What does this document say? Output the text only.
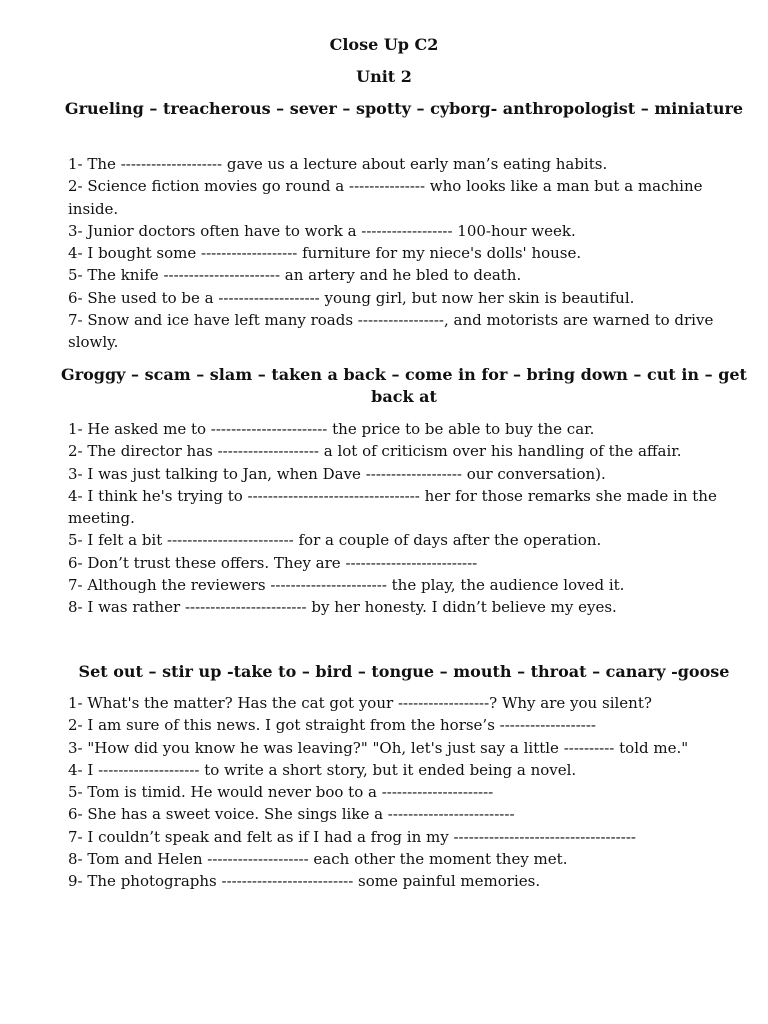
Close Up C2
Unit 2
Grueling – treacherous – sever – spotty – cyborg- anthropologist – miniature
1- The -------------------- gave us a lecture about early man’s eating habits.
2- Science fiction movies go round a --------------- who looks like a man but a machine inside.
3- Junior doctors often have to work a ------------------ 100-hour week.
4- I bought some ------------------- furniture for my niece's dolls' house.
5- The knife ----------------------- an artery and he bled to death.
6- She used to be a -------------------- young girl, but now her skin is beautiful.
7- Snow and ice have left many roads -----------------, and motorists are warned to drive slowly.
Groggy – scam – slam – taken a back – come in for – bring down – cut in – get back at
1- He asked me to ----------------------- the price to be able to buy the car.
2- The director has -------------------- a lot of criticism over his handling of the affair.
3- I was just talking to Jan, when Dave ------------------- our conversation).
4- I think he's trying to ---------------------------------- her for those remarks she made in the meeting.
5- I felt a bit ------------------------- for a couple of days after the operation.
6- Don’t trust these offers. They are --------------------------
7- Although the reviewers ----------------------- the play, the audience loved it.
8- I was rather ------------------------ by her honesty. I didn’t believe my eyes.
Set out – stir up -take to – bird – tongue – mouth – throat – canary -goose
1- What's the matter? Has the cat got your ------------------? Why are you silent?
2- I am sure of this news. I got straight from the horse’s -------------------
3- "How did you know he was leaving?" "Oh, let's just say a little ---------- told me."
4- I -------------------- to write a short story, but it ended being a novel.
5- Tom is timid. He would never boo to a ----------------------
6- She has a sweet voice. She sings like a -------------------------
7- I couldn’t speak and felt as if I had a frog in my ------------------------------------
8- Tom and Helen -------------------- each other the moment they met.
9- The photographs -------------------------- some painful memories.
